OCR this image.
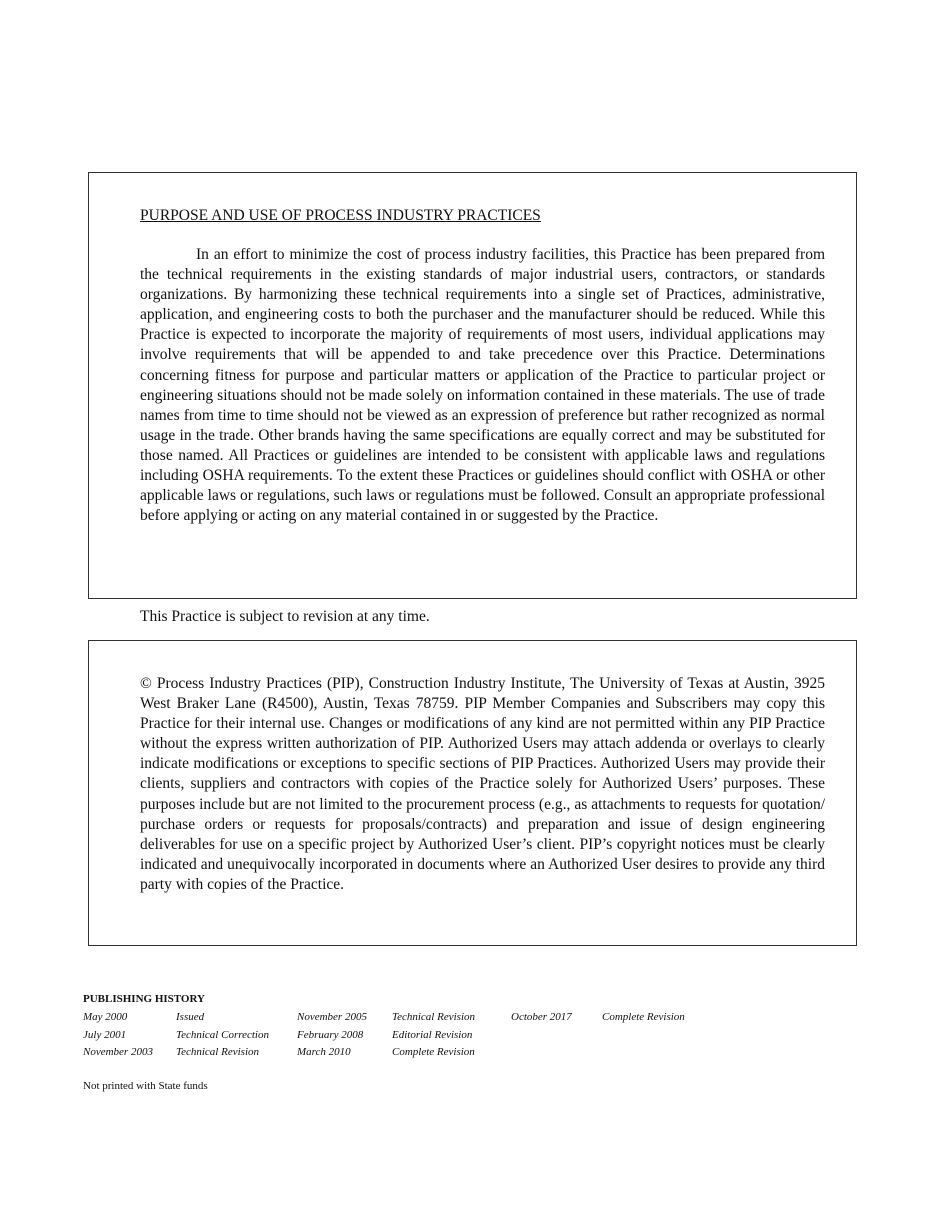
PURPOSE AND USE OF PROCESS INDUSTRY PRACTICES

In an effort to minimize the cost of process industry facilities, this Practice has been prepared from the technical requirements in the existing standards of major industrial users, contractors, or standards organizations. By harmonizing these technical requirements into a single set of Practices, administrative, application, and engineering costs to both the purchaser and the manufacturer should be reduced. While this Practice is expected to incorporate the majority of requirements of most users, individual applications may involve requirements that will be appended to and take precedence over this Practice. Determinations concerning fitness for purpose and particular matters or application of the Practice to particular project or engineering situations should not be made solely on information contained in these materials. The use of trade names from time to time should not be viewed as an expression of preference but rather recognized as normal usage in the trade. Other brands having the same specifications are equally correct and may be substituted for those named. All Practices or guidelines are intended to be consistent with applicable laws and regulations including OSHA requirements. To the extent these Practices or guidelines should conflict with OSHA or other applicable laws or regulations, such laws or regulations must be followed. Consult an appropriate professional before applying or acting on any material contained in or suggested by the Practice.

This Practice is subject to revision at any time.

© Process Industry Practices (PIP), Construction Industry Institute, The University of Texas at Austin, 3925 West Braker Lane (R4500), Austin, Texas 78759. PIP Member Companies and Subscribers may copy this Practice for their internal use. Changes or modifications of any kind are not permitted within any PIP Practice without the express written authorization of PIP. Authorized Users may attach addenda or overlays to clearly indicate modifications or exceptions to specific sections of PIP Practices. Authorized Users may provide their clients, suppliers and contractors with copies of the Practice solely for Authorized Users’ purposes. These purposes include but are not limited to the procurement process (e.g., as attachments to requests for quotation/ purchase orders or requests for proposals/contracts) and preparation and issue of design engineering deliverables for use on a specific project by Authorized User’s client. PIP’s copyright notices must be clearly indicated and unequivocally incorporated in documents where an Authorized User desires to provide any third party with copies of the Practice.

PUBLISHING HISTORY

May 2000	Issued	November 2005	Technical Revision	October 2017	Complete Revision
July 2001	Technical Correction	February 2008	Editorial Revision		
November 2003	Technical Revision	March 2010	Complete Revision		

Not printed with State funds
